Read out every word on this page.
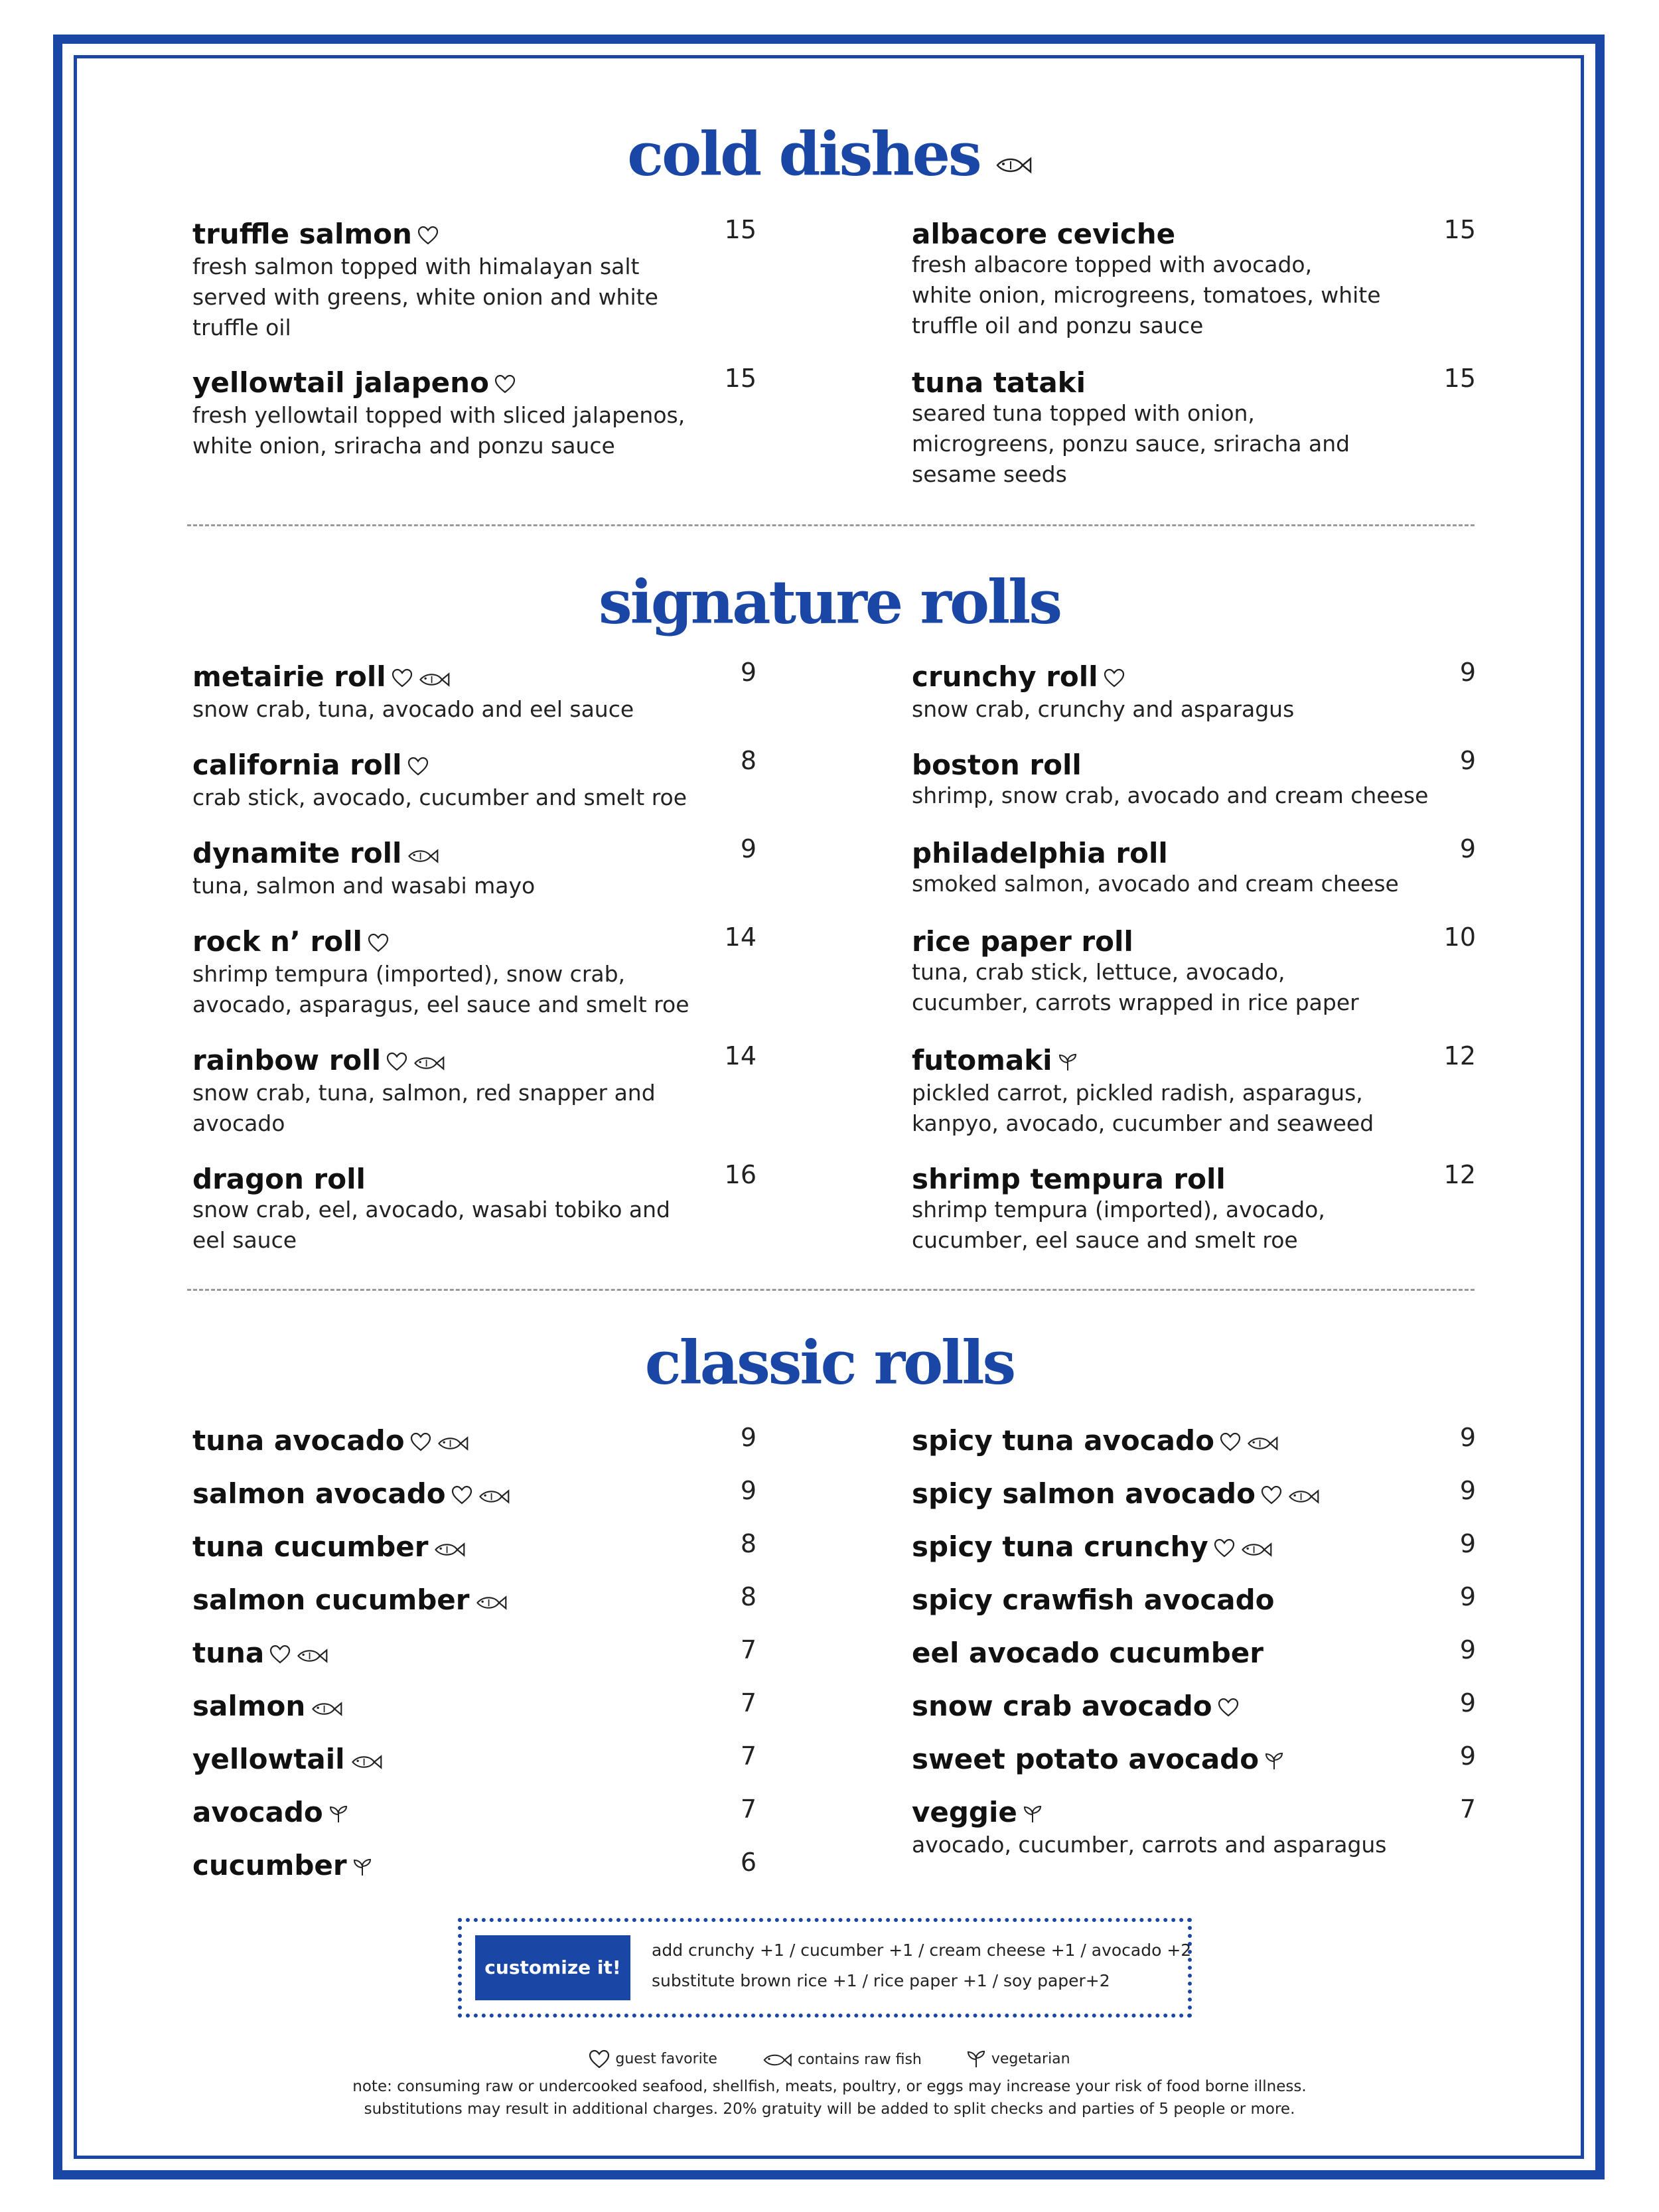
cold dishes
signature rolls
classic rolls
truffle salmon
fresh salmon topped with himalayan salt
served with greens, white onion and white
truffle oil
15
yellowtail jalapeno
fresh yellowtail topped with sliced jalapenos,
white onion, sriracha and ponzu sauce
15
albacore ceviche
fresh albacore topped with avocado,
white onion, microgreens, tomatoes, white
truffle oil and ponzu sauce
15
tuna tataki
seared tuna topped with onion,
microgreens, ponzu sauce, sriracha and
sesame seeds
15
metairie roll
snow crab, tuna, avocado and eel sauce
9
california roll
crab stick, avocado, cucumber and smelt roe
8
dynamite roll
tuna, salmon and wasabi mayo
9
rock n’ roll
shrimp tempura (imported), snow crab,
avocado, asparagus, eel sauce and smelt roe
14
rainbow roll
snow crab, tuna, salmon, red snapper and
avocado
14
dragon roll
snow crab, eel, avocado, wasabi tobiko and
eel sauce
16
crunchy roll
snow crab, crunchy and asparagus
9
boston roll
shrimp, snow crab, avocado and cream cheese
9
philadelphia roll
smoked salmon, avocado and cream cheese
9
rice paper roll
tuna, crab stick, lettuce, avocado,
cucumber, carrots wrapped in rice paper
10
futomaki
pickled carrot, pickled radish, asparagus,
kanpyo, avocado, cucumber and seaweed
12
shrimp tempura roll
shrimp tempura (imported), avocado,
cucumber, eel sauce and smelt roe
12
tuna avocado	9
salmon avocado	9
tuna cucumber	8
salmon cucumber	8
tuna	7
salmon	7
yellowtail	7
avocado	7
cucumber	6
spicy tuna avocado	9
spicy salmon avocado	9
spicy tuna crunchy	9
spicy crawfish avocado	9
eel avocado cucumber	9
snow crab avocado	9
sweet potato avocado	9
veggie
avocado, cucumber, carrots and asparagus
7
customize it!
add crunchy +1 / cucumber +1 / cream cheese +1 / avocado +2
substitute brown rice +1 / rice paper +1 / soy paper+2
guest favorite	contains raw fish	vegetarian
note: consuming raw or undercooked seafood, shellfish, meats, poultry, or eggs may increase your risk of food borne illness.
substitutions may result in additional charges. 20% gratuity will be added to split checks and parties of 5 people or more.
